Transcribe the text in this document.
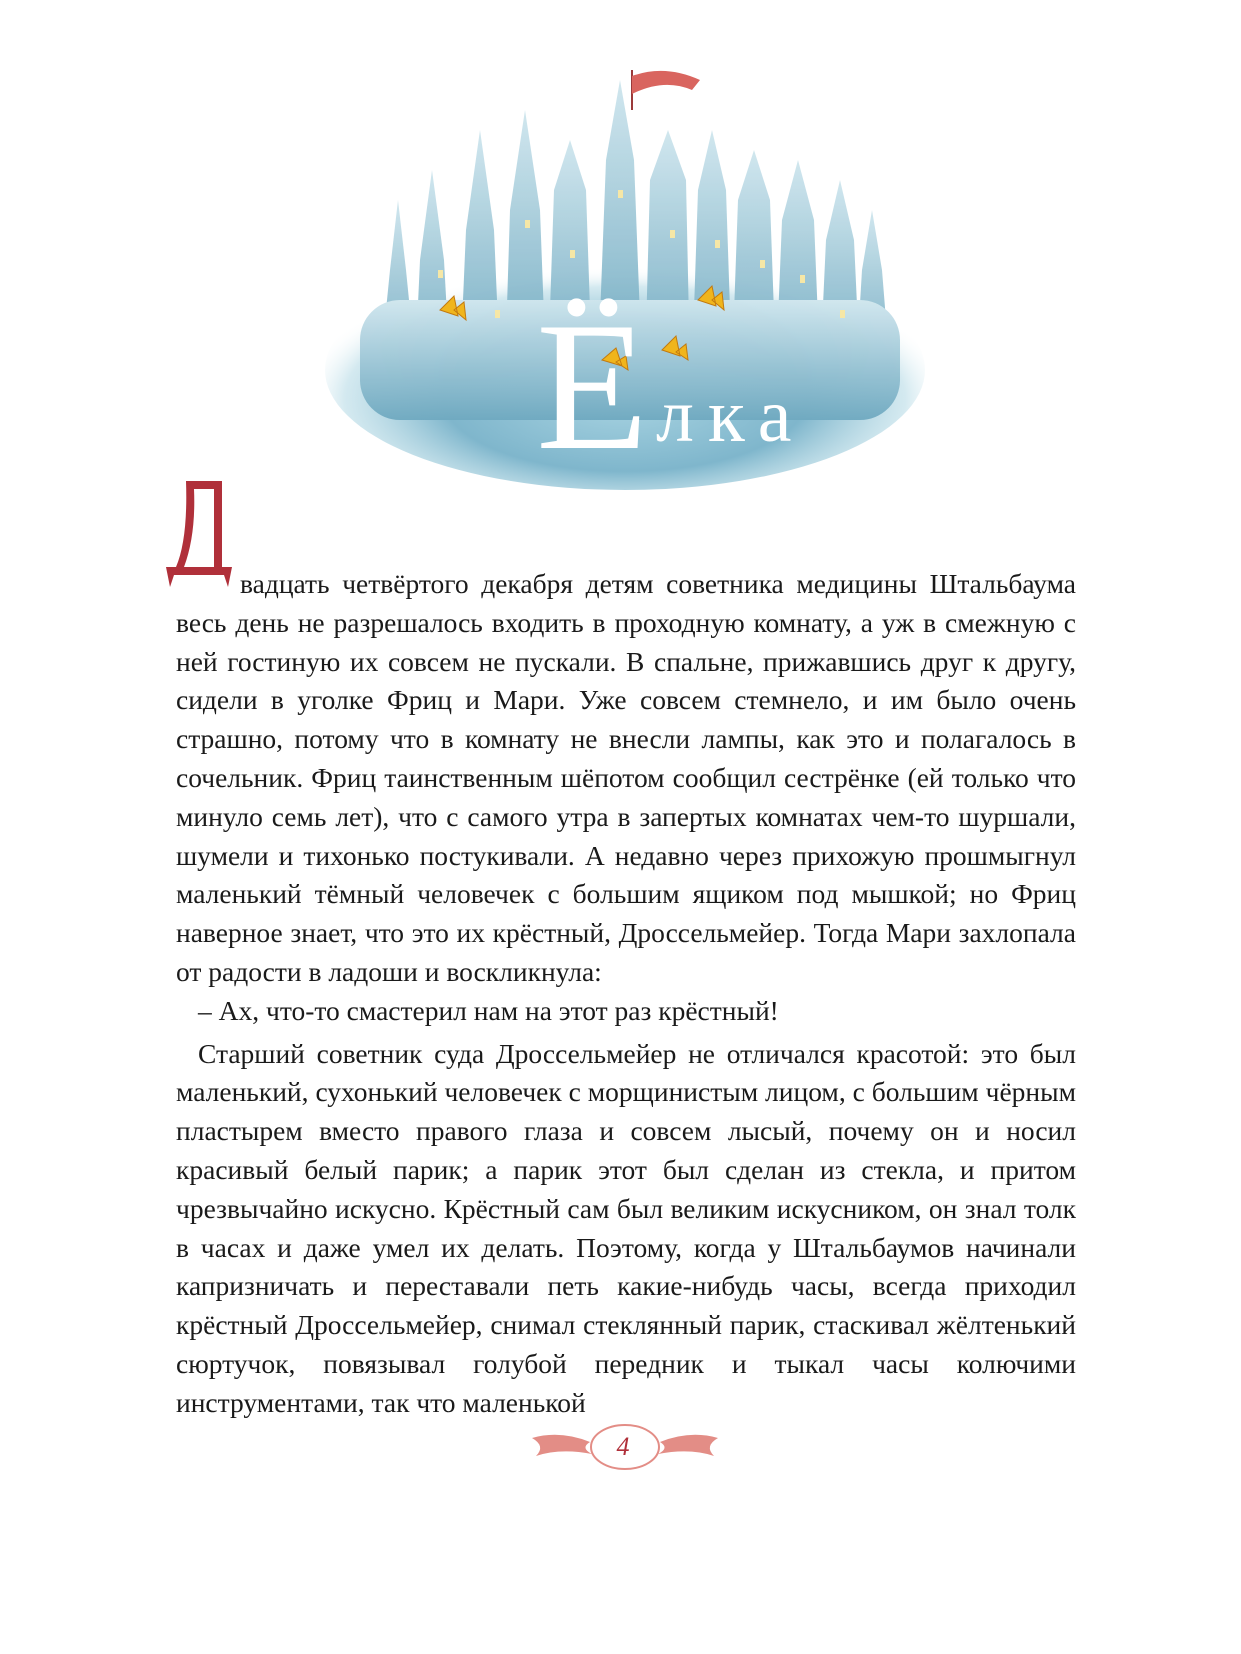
Ё лка

вадцать четвёртого декабря детям советника медицины Штальбаума весь день не разрешалось входить в проходную комнату, а уж в смежную с ней гостиную их совсем не пускали. В спальне, прижавшись друг к другу, сидели в уголке Фриц и Мари. Уже совсем стемнело, и им было очень страшно, потому что в комнату не внесли лампы, как это и полагалось в сочельник. Фриц таинственным шёпотом сообщил сестрёнке (ей только что минуло семь лет), что с самого утра в запертых комнатах чем-то шуршали, шумели и тихонько постукивали. А недавно через прихожую прошмыгнул маленький тёмный человечек с большим ящиком под мышкой; но Фриц наверное знает, что это их крёстный, Дроссельмейер. Тогда Мари захлопала от радости в ладоши и воскликнула:

– Ах, что-то смастерил нам на этот раз крёстный!

Старший советник суда Дроссельмейер не отличался красотой: это был маленький, сухонький человечек с морщинистым лицом, с большим чёрным пластырем вместо правого глаза и совсем лысый, почему он и носил красивый белый парик; а парик этот был сделан из стекла, и притом чрезвычайно искусно. Крёстный сам был великим искусником, он знал толк в часах и даже умел их делать. Поэтому, когда у Штальбаумов начинали капризничать и переставали петь какие-нибудь часы, всегда приходил крёстный Дроссельмейер, снимал стеклянный парик, стаскивал жёлтенький сюртучок, повязывал голубой передник и тыкал часы колючими инструментами, так что маленькой

4
